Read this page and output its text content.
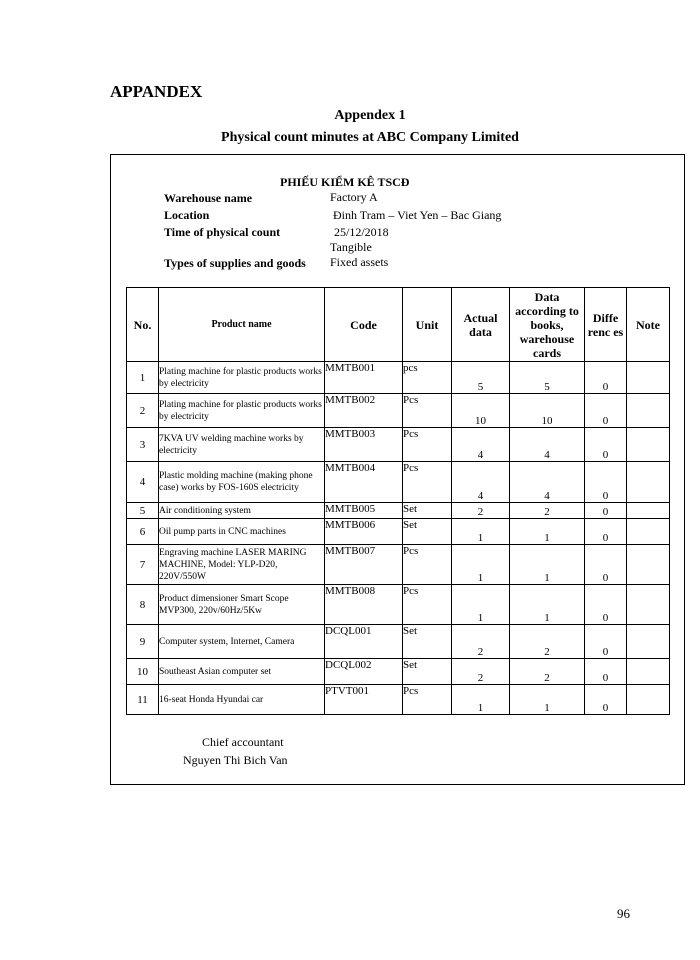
APPANDEX
Appendex 1
Physical count minutes at ABC Company Limited
PHIẾU KIỂM KÊ TSCĐ
Warehouse name	Factory A
Location	Đinh Tram – Viet Yen – Bac Giang
Time of physical count	25/12/2018
Tangible
Types of supplies and goods Fixed assets
No.	Product name	Code	Unit	Actual data	Data according to books, warehouse cards	Diffe renc es	Note
1	Plating machine for plastic products works by electricity	MMTB001	pcs	5	5	0	
2	Plating machine for plastic products works by electricity	MMTB002	Pcs	10	10	0	
3	7KVA UV welding machine works by electricity	MMTB003	Pcs	4	4	0	
4	Plastic molding machine (making phone case) works by FOS-160S electricity	MMTB004	Pcs	4	4	0	
5	Air conditioning system	MMTB005	Set	2	2	0	
6	Oil pump parts in CNC machines	MMTB006	Set	1	1	0	
7	Engraving machine LASER MARING MACHINE, Model: YLP-D20, 220V/550W	MMTB007	Pcs	1	1	0	
8	Product dimensioner Smart Scope MVP300, 220v/60Hz/5Kw	MMTB008	Pcs	1	1	0	
9	Computer system, Internet, Camera	DCQL001	Set	2	2	0	
10	Southeast Asian computer set	DCQL002	Set	2	2	0	
11	16-seat Honda Hyundai car	PTVT001	Pcs	1	1	0	
Chief accountant
Nguyen Thi Bich Van
96
